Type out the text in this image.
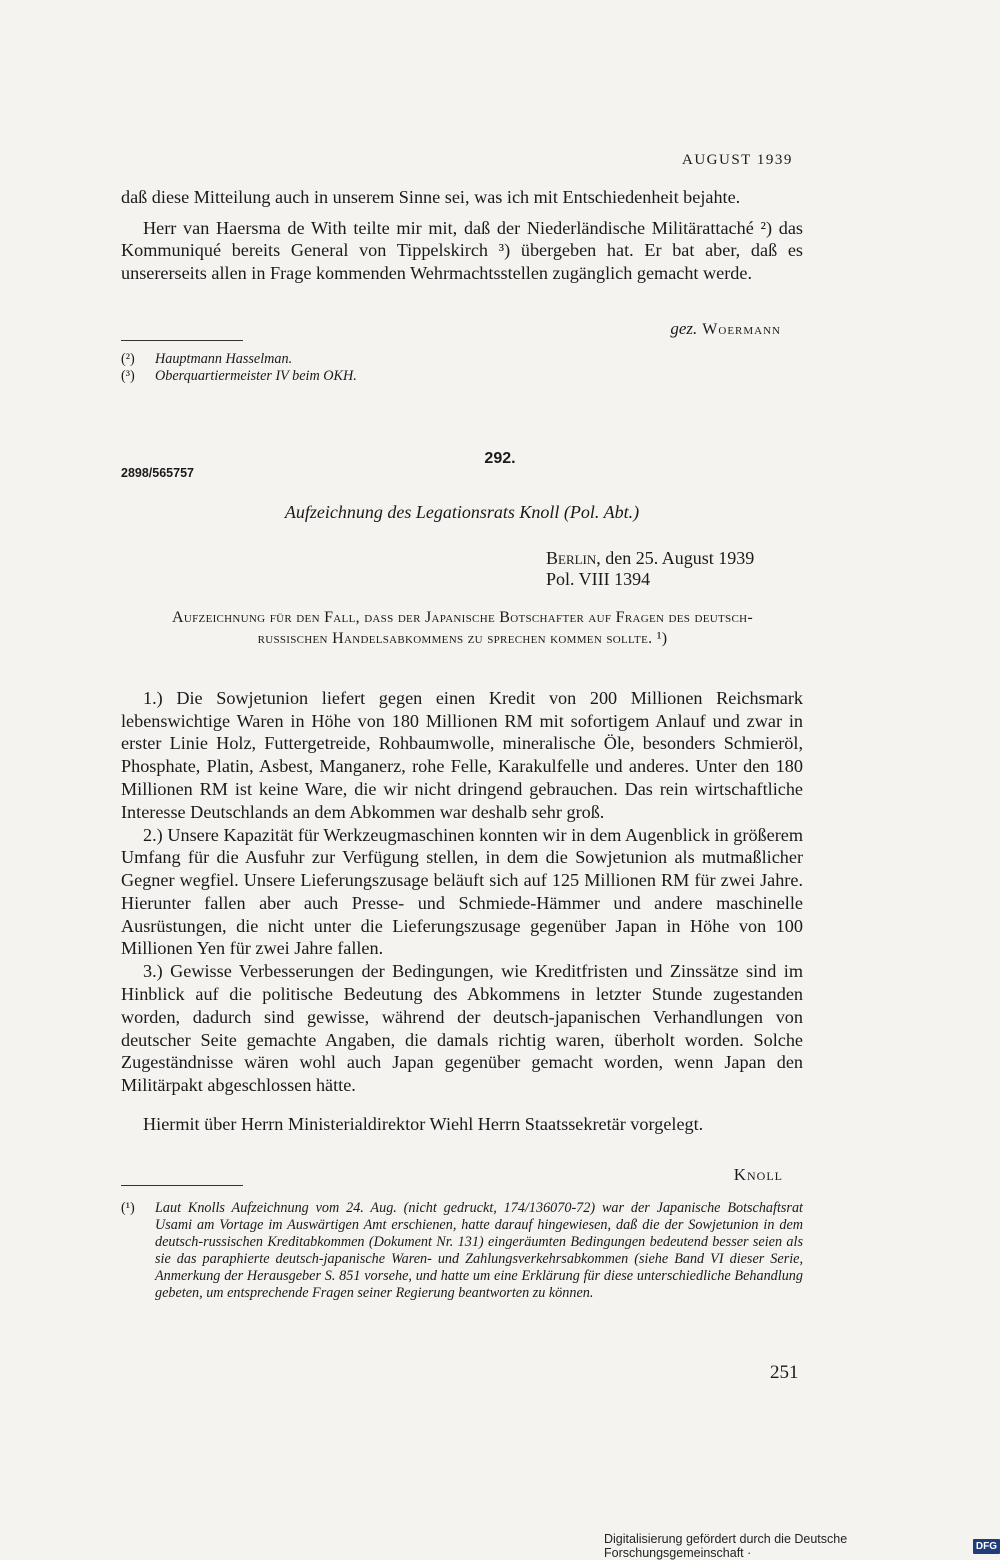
AUGUST 1939

daß diese Mitteilung auch in unserem Sinne sei, was ich mit Entschiedenheit bejahte.

Herr van Haersma de With teilte mir mit, daß der Niederländische Militärattaché ²) das Kommuniqué bereits General von Tippelskirch ³) übergeben hat. Er bat aber, daß es unsererseits allen in Frage kommenden Wehrmachtsstellen zugänglich gemacht werde.

gez. Woermann

(²)	Hauptmann Hasselman.

(³)	Oberquartiermeister IV beim OKH.

292.
2898/565757
Aufzeichnung des Legationsrats Knoll (Pol. Abt.)
Berlin, den 25. August 1939
Pol. VIII 1394
Aufzeichnung für den Fall, dass der Japanische Botschafter auf Fragen des deutsch-russischen Handelsabkommens zu sprechen kommen sollte. ¹)

1.) Die Sowjetunion liefert gegen einen Kredit von 200 Millionen Reichsmark lebenswichtige Waren in Höhe von 180 Millionen RM mit sofortigem Anlauf und zwar in erster Linie Holz, Futtergetreide, Rohbaumwolle, mineralische Öle, besonders Schmieröl, Phosphate, Platin, Asbest, Manganerz, rohe Felle, Karakulfelle und anderes. Unter den 180 Millionen RM ist keine Ware, die wir nicht dringend gebrauchen. Das rein wirtschaftliche Interesse Deutschlands an dem Abkommen war deshalb sehr groß.

2.) Unsere Kapazität für Werkzeugmaschinen konnten wir in dem Augenblick in größerem Umfang für die Ausfuhr zur Verfügung stellen, in dem die Sowjetunion als mutmaßlicher Gegner wegfiel. Unsere Lieferungszusage beläuft sich auf 125 Millionen RM für zwei Jahre. Hierunter fallen aber auch Presse- und Schmiede-Hämmer und andere maschinelle Ausrüstungen, die nicht unter die Lieferungszusage gegenüber Japan in Höhe von 100 Millionen Yen für zwei Jahre fallen.

3.) Gewisse Verbesserungen der Bedingungen, wie Kreditfristen und Zinssätze sind im Hinblick auf die politische Bedeutung des Abkommens in letzter Stunde zugestanden worden, dadurch sind gewisse, während der deutsch-japanischen Verhandlungen von deutscher Seite gemachte Angaben, die damals richtig waren, überholt worden. Solche Zugeständnisse wären wohl auch Japan gegenüber gemacht worden, wenn Japan den Militärpakt abgeschlossen hätte.

Hiermit über Herrn Ministerialdirektor Wiehl Herrn Staatssekretär vorgelegt.

Knoll

(¹)	Laut Knolls Aufzeichnung vom 24. Aug. (nicht gedruckt, 174/136070-72) war der Japanische Botschaftsrat Usami am Vortage im Auswärtigen Amt erschienen, hatte darauf hingewiesen, daß die der Sowjetunion in dem deutsch-russischen Kreditabkommen (Dokument Nr. 131) eingeräumten Bedingungen bedeutend besser seien als sie das paraphierte deutsch-japanische Waren- und Zahlungsverkehrsabkommen (siehe Band VI dieser Serie, Anmerkung der Herausgeber S. 851 vorsehe, und hatte um eine Erklärung für diese unterschiedliche Behandlung gebeten, um entsprechende Fragen seiner Regierung beantworten zu können.

251
Digitalisierung gefördert durch die Deutsche Forschungsgemeinschaft ·	DFG
